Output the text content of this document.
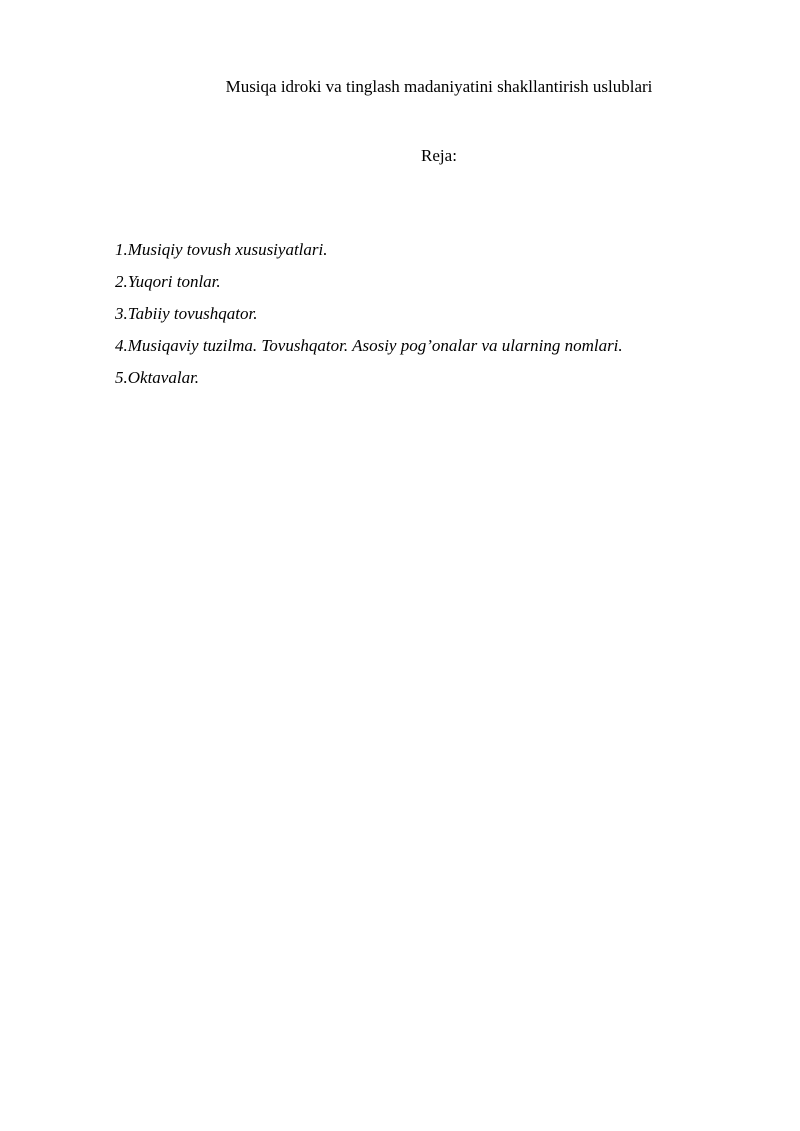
Musiqa idroki va tinglash madaniyatini shakllantirish uslublari
Reja:
1.Musiqiy tovush xususiyatlari.
2.Yuqori tonlar.
3.Tabiiy tovushqator.
4.Musiqaviy tuzilma. Tovushqator. Asosiy pog’onalar va ularning nomlari.
5.Oktavalar.
